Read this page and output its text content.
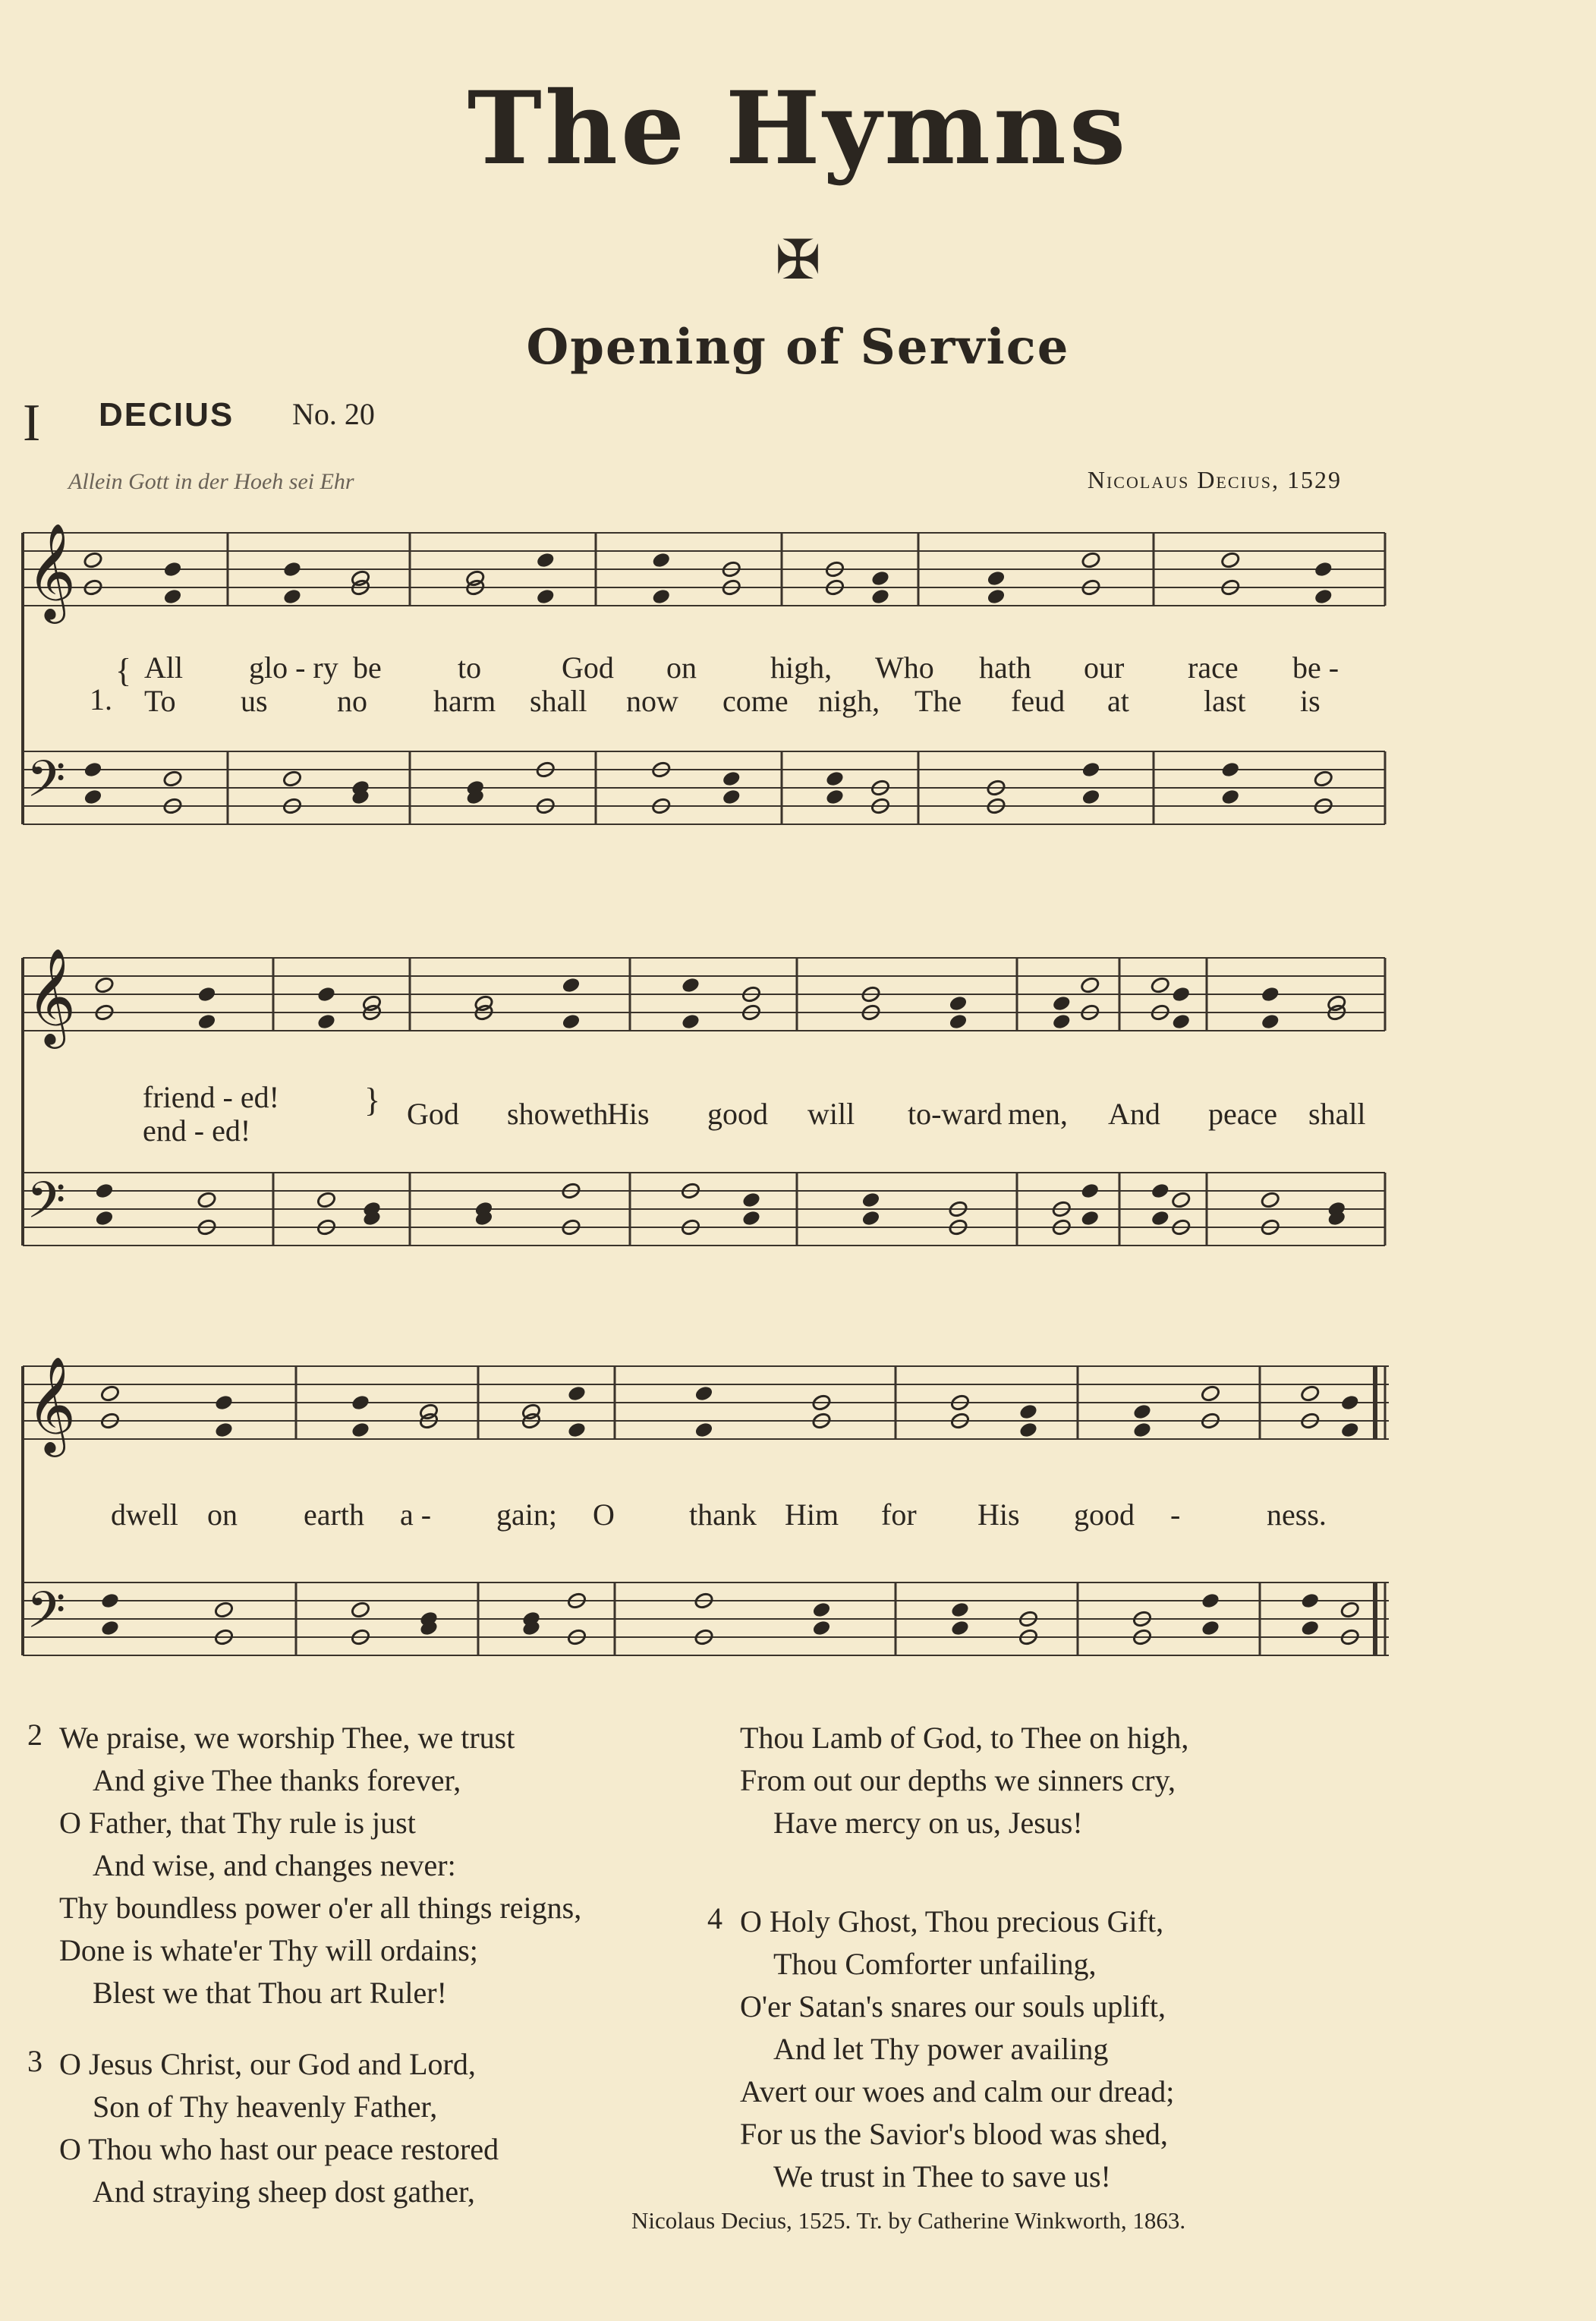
The Hymns
✠
Opening of Service
I DECIUS No. 20
Allein Gott in der Hoeh sei Ehr	Nicolaus Decius, 1529
𝄞
𝄢
𝄞
𝄢
𝄞
𝄢
1.
{ All glo - ry be	to	God on high, Who hath our race be -
To us no harm shall now come nigh, The feud at last is
friend - ed!
end - ed!
} God showeth
His good will to-ward men, And peace shall
dwell on earth a - gain; O thank Him for His good -	ness.
2 We praise, we worship Thee, we trust
And give Thee thanks forever,
O Father, that Thy rule is just
And wise, and changes never:
Thy boundless power o'er all things reigns,
Done is whate'er Thy will ordains;
Blest we that Thou art Ruler!
3 O Jesus Christ, our God and Lord,
Son of Thy heavenly Father,
O Thou who hast our peace restored
And straying sheep dost gather,
Thou Lamb of God, to Thee on high,
From out our depths we sinners cry,
Have mercy on us, Jesus!
4 O Holy Ghost, Thou precious Gift,
Thou Comforter unfailing,
O'er Satan's snares our souls uplift,
And let Thy power availing
Avert our woes and calm our dread;
For us the Savior's blood was shed,
We trust in Thee to save us!
Nicolaus Decius, 1525. Tr. by Catherine Winkworth, 1863.
